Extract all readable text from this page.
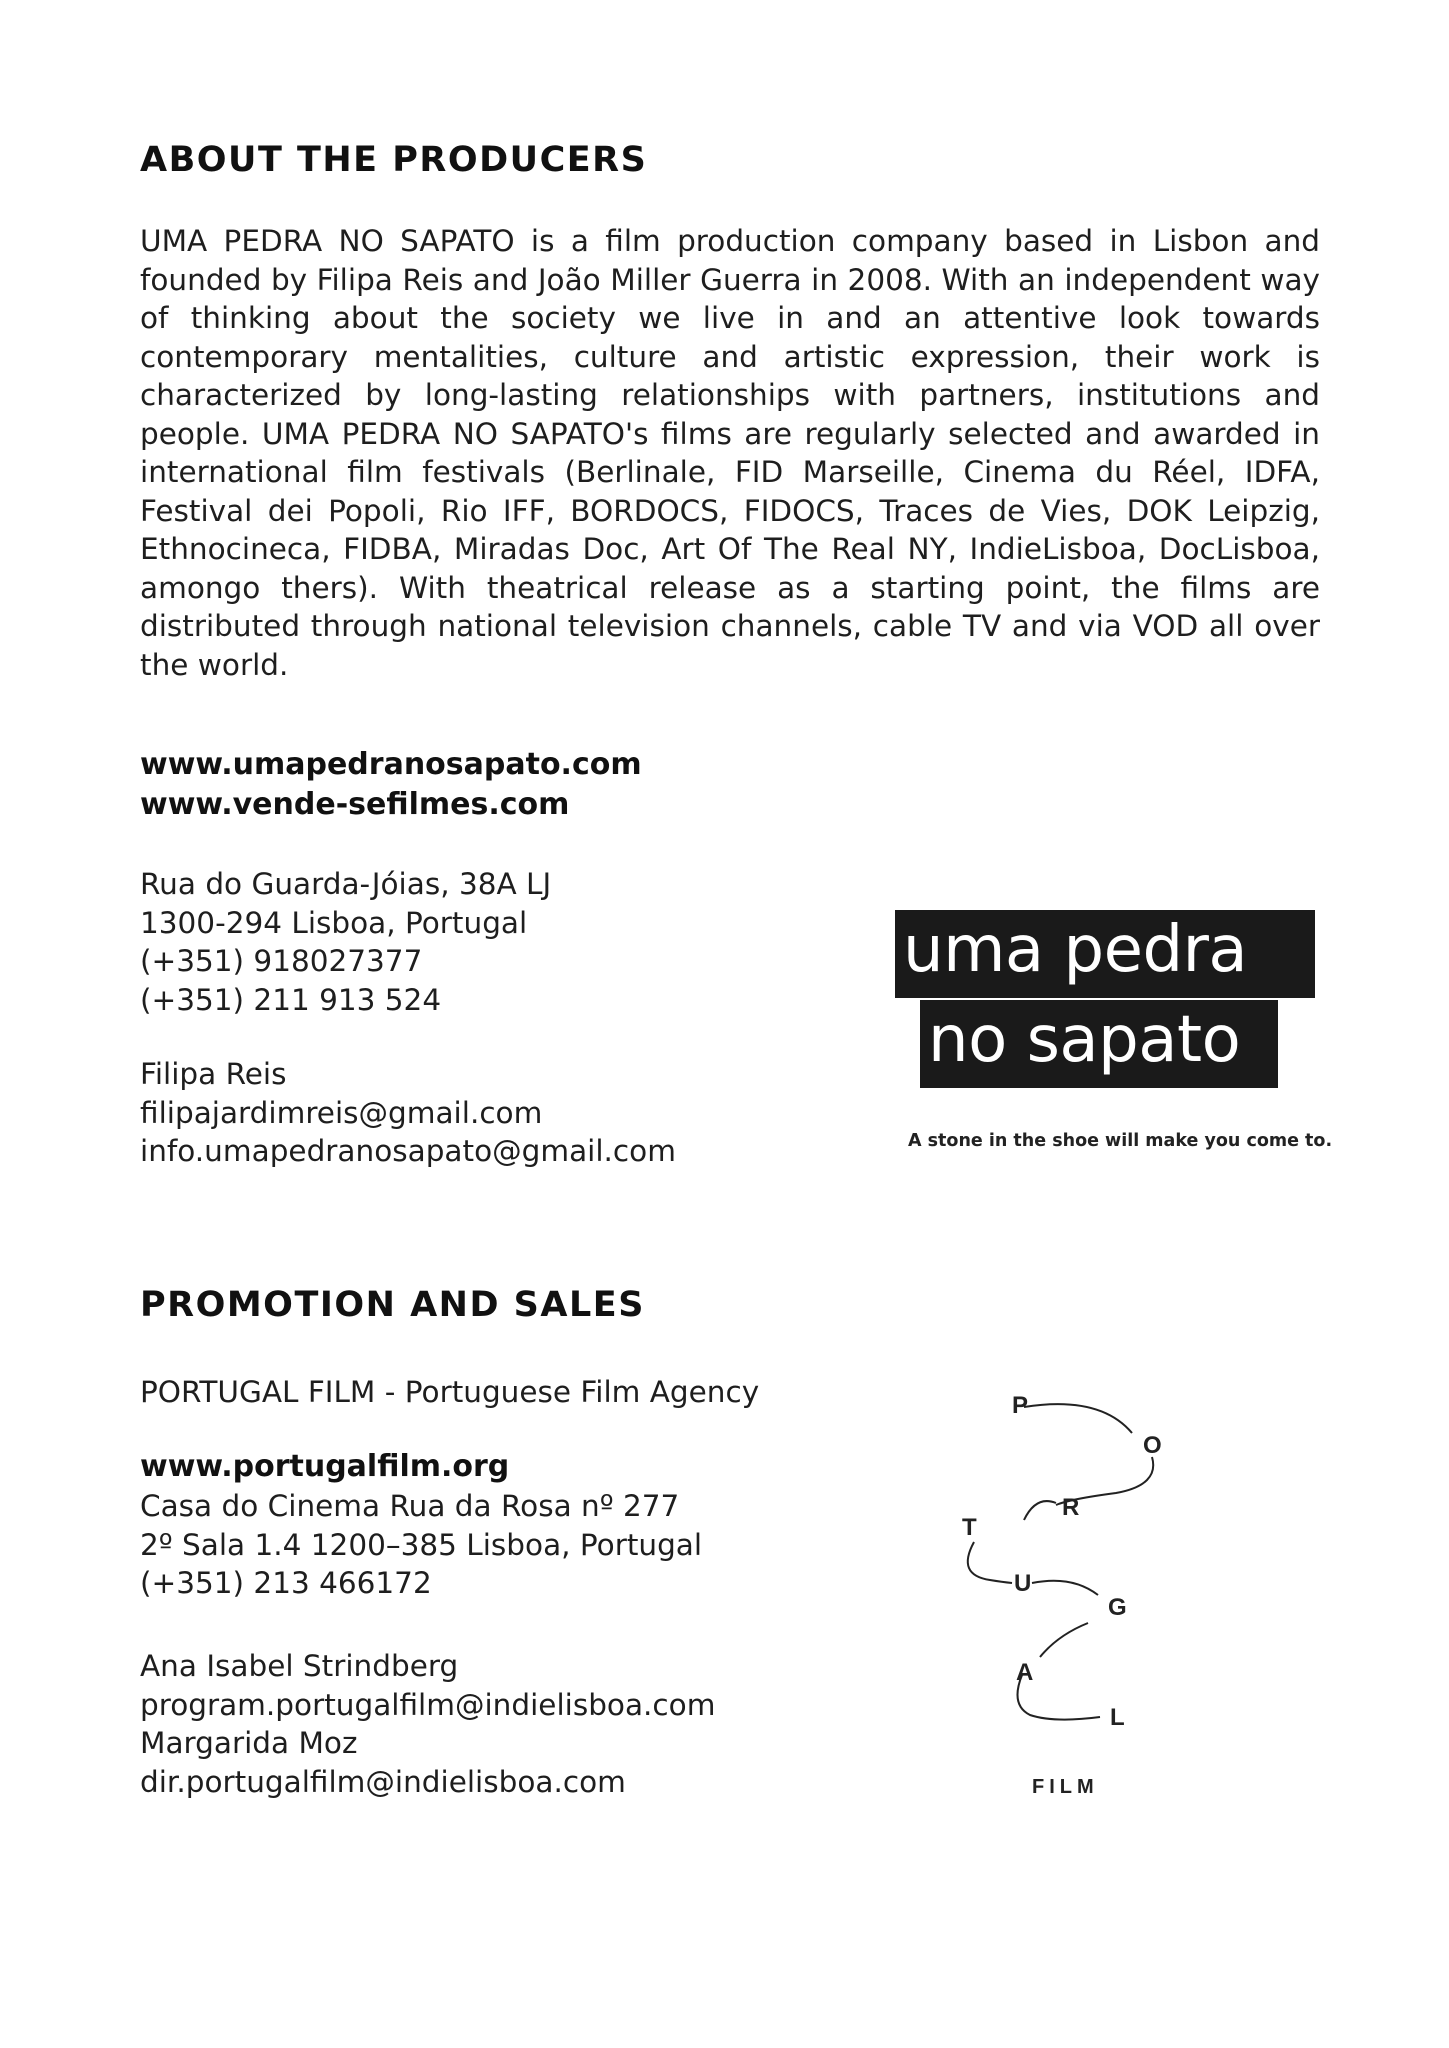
ABOUT THE PRODUCERS

UMA PEDRA NO SAPATO is a film production company based in Lisbon and founded by Filipa Reis and João Miller Guerra in 2008. With an independent way of thinking about the society we live in and an attentive look towards contemporary mentalities, culture and artistic expression, their work is characterized by long-lasting relationships with partners, institutions and people. UMA PEDRA NO SAPATO's films are regularly selected and awarded in international film festivals (Berlinale, FID Marseille, Cinema du Réel, IDFA, Festival dei Popoli, Rio IFF, BORDOCS, FIDOCS, Traces de Vies, DOK Leipzig, Ethnocineca, FIDBA, Miradas Doc, Art Of The Real NY, IndieLisboa, DocLisboa, amongo thers). With theatrical release as a starting point, the films are distributed through national television channels, cable TV and via VOD all over the world.

www.umapedranosapato.com
www.vende-sefilmes.com
Rua do Guarda-Jóias, 38A LJ
1300-294 Lisboa, Portugal
(+351) 918027377
(+351) 211 913 524
Filipa Reis
filipajardimreis@gmail.com
info.umapedranosapato@gmail.com
uma pedra
no sapato
A stone in the shoe will make you come to.
PROMOTION AND SALES
PORTUGAL FILM - Portuguese Film Agency
www.portugalfilm.org
Casa do Cinema Rua da Rosa nº 277
2º Sala 1.4 1200–385 Lisboa, Portugal
(+351) 213 466172
Ana Isabel Strindberg
program.portugalfilm@indielisboa.com
Margarida Moz
dir.portugalfilm@indielisboa.com
P
O
R
T
U
G
A
L
FILM
